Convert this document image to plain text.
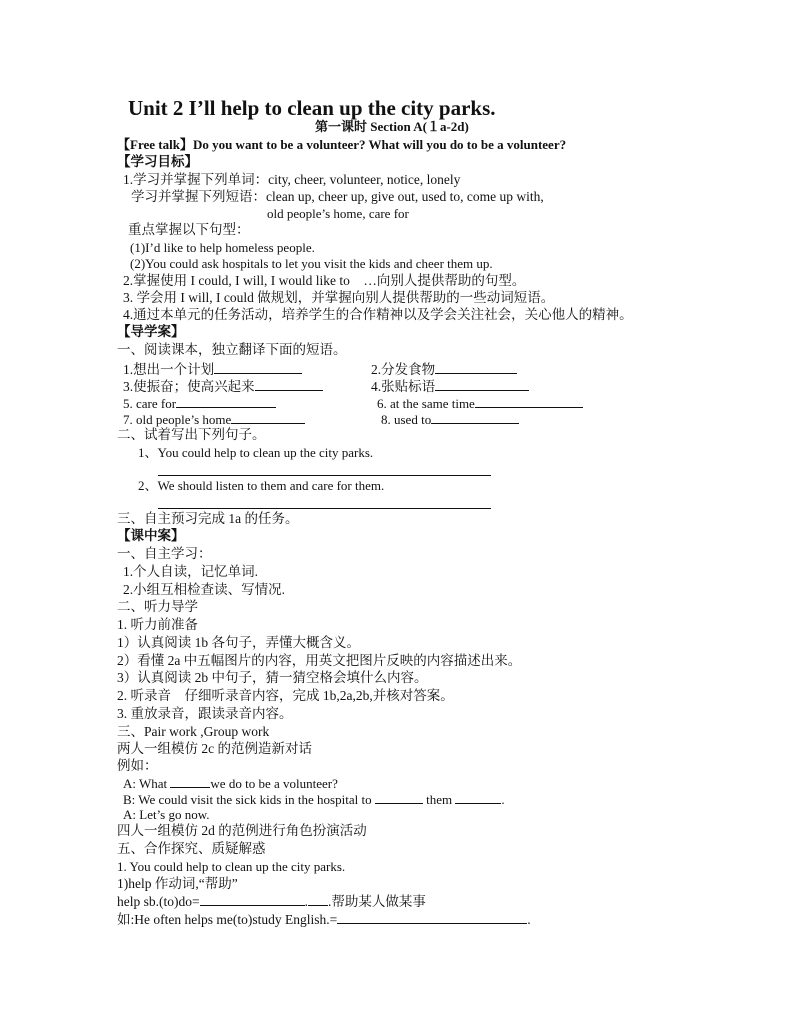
Unit 2 I’ll help to clean up the city parks.
第一课时 Section A(１a-2d)
【Free talk】Do you want to be a volunteer? What will you do to be a volunteer?
【学习目标】
1.学习并掌握下列单词：city, cheer, volunteer, notice, lonely
学习并掌握下列短语：clean up, cheer up, give out, used to, come up with,
old people’s home, care for
重点掌握以下句型：
(1)I’d like to help homeless people.
(2)You could ask hospitals to let you visit the kids and cheer them up.
2.掌握使用 I could, I will, I would like to　…向别人提供帮助的句型。
3. 学会用 I will, I could 做规划，并掌握向别人提供帮助的一些动词短语。
4.通过本单元的任务活动，培养学生的合作精神以及学会关注社会，关心他人的精神。
【导学案】
一、阅读课本，独立翻译下面的短语。
1.想出一个计划	2.分发食物
3.使振奋；使高兴起来	4.张贴标语
5. care for	6. at the same time
7. old people’s home	8. used to
二、试着写出下列句子。
1、You could help to clean up the city parks.
2、We should listen to them and care for them.
三、自主预习完成 1a 的任务。
【课中案】
一、自主学习：
1.个人自读，记忆单词.
2.小组互相检查读、写情况.
二、听力导学
1. 听力前准备
1）认真阅读 1b 各句子，弄懂大概含义。
2）看懂 2a 中五幅图片的内容，用英文把图片反映的内容描述出来。
3）认真阅读 2b 中句子，猜一猜空格会填什么内容。
2. 听录音　仔细听录音内容，完成 1b,2a,2b,并核对答案。
3. 重放录音，跟读录音内容。
三、Pair work ,Group work
两人一组模仿 2c 的范例造新对话
例如：
A: What	we do to be a volunteer?
B: We could visit the sick kids in the hospital to	them	.
A: Let’s go now.
四人一组模仿 2d 的范例进行角色扮演活动
五、合作探究、质疑解惑
1. You could help to clean up the city parks.
1)help 作动词,“帮助”
help sb.(to)do=	. .帮助某人做某事
如:He often helps me(to)study English.=	.
